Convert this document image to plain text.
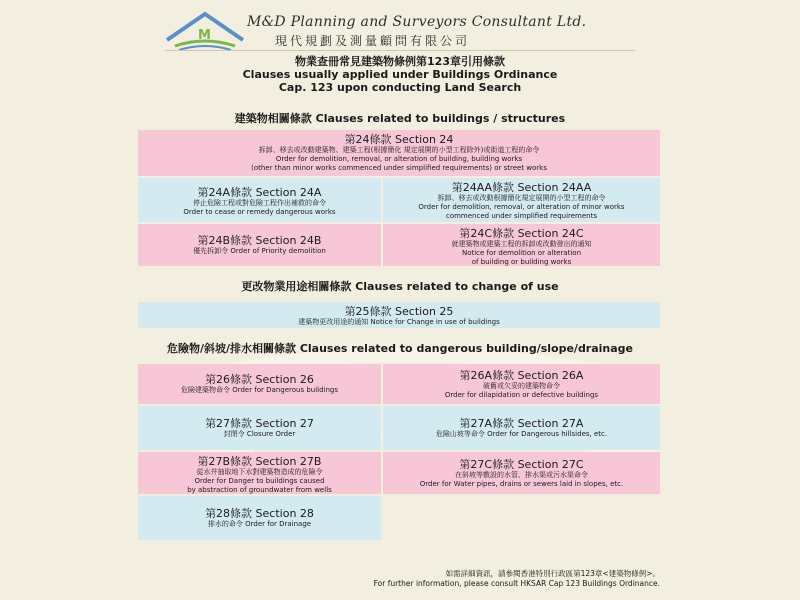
M
M&D Planning and Surveyors Consultant Ltd.
現代規劃及測量顧問有限公司
物業查冊常見建築物條例第123章引用條款
Clauses usually applied under Buildings Ordinance
Cap. 123 upon conducting Land Search
建築物相關條款 Clauses related to buildings / structures
第24條款 Section 24
拆卸、移去或改動建築物、建築工程(根據簡化 規定展開的小型工程除外)或街道工程的命令
Order for demolition, removal, or alteration of building, building works
(other than minor works commenced under simplified requirements) or street works
第24A條款 Section 24A
停止危險工程或對危險工程作出補救的命令
Order to cease or remedy dangerous works
第24AA條款 Section 24AA
拆卸、移去或改動根據簡化規定展開的小型工程的命令
Order for demolition, removal, or alteration of minor works
commenced under simplified requirements
第24B條款 Section 24B
優先拆卸令 Order of Priority demolition
第24C條款 Section 24C
就建築物或建築工程的拆卸或改動發出的通知
Notice for demolition or alteration
of building or building works
更改物業用途相關條款 Clauses related to change of use
第25條款 Section 25
建築物更改用途的通知 Notice for Change in use of buildings
危險物/斜坡/排水相關條款 Clauses related to dangerous building/slope/drainage
第26條款 Section 26
危險建築物命令 Order for Dangerous buildings
第26A條款 Section 26A
破舊或欠妥的建築物命令
Order for dilapidation or defective buildings
第27條款 Section 27
封閉令 Closure Order
第27A條款 Section 27A
危險山坡等命令 Order for Dangerous hillsides, etc.
第27B條款 Section 27B
從水井抽取地下水對建築物造成的危險令
Order for Danger to buildings caused
by abstraction of groundwater from wells
第27C條款 Section 27C
在斜坡等敷設的水管、排水渠或污水渠命令
Order for Water pipes, drains or sewers laid in slopes, etc.
第28條款 Section 28
排水的命令 Order for Drainage
如需詳細資訊，請參閱香港特別行政區第123章<建築物條例>。
For further information, please consult HKSAR Cap 123 Buildings Ordinance.
